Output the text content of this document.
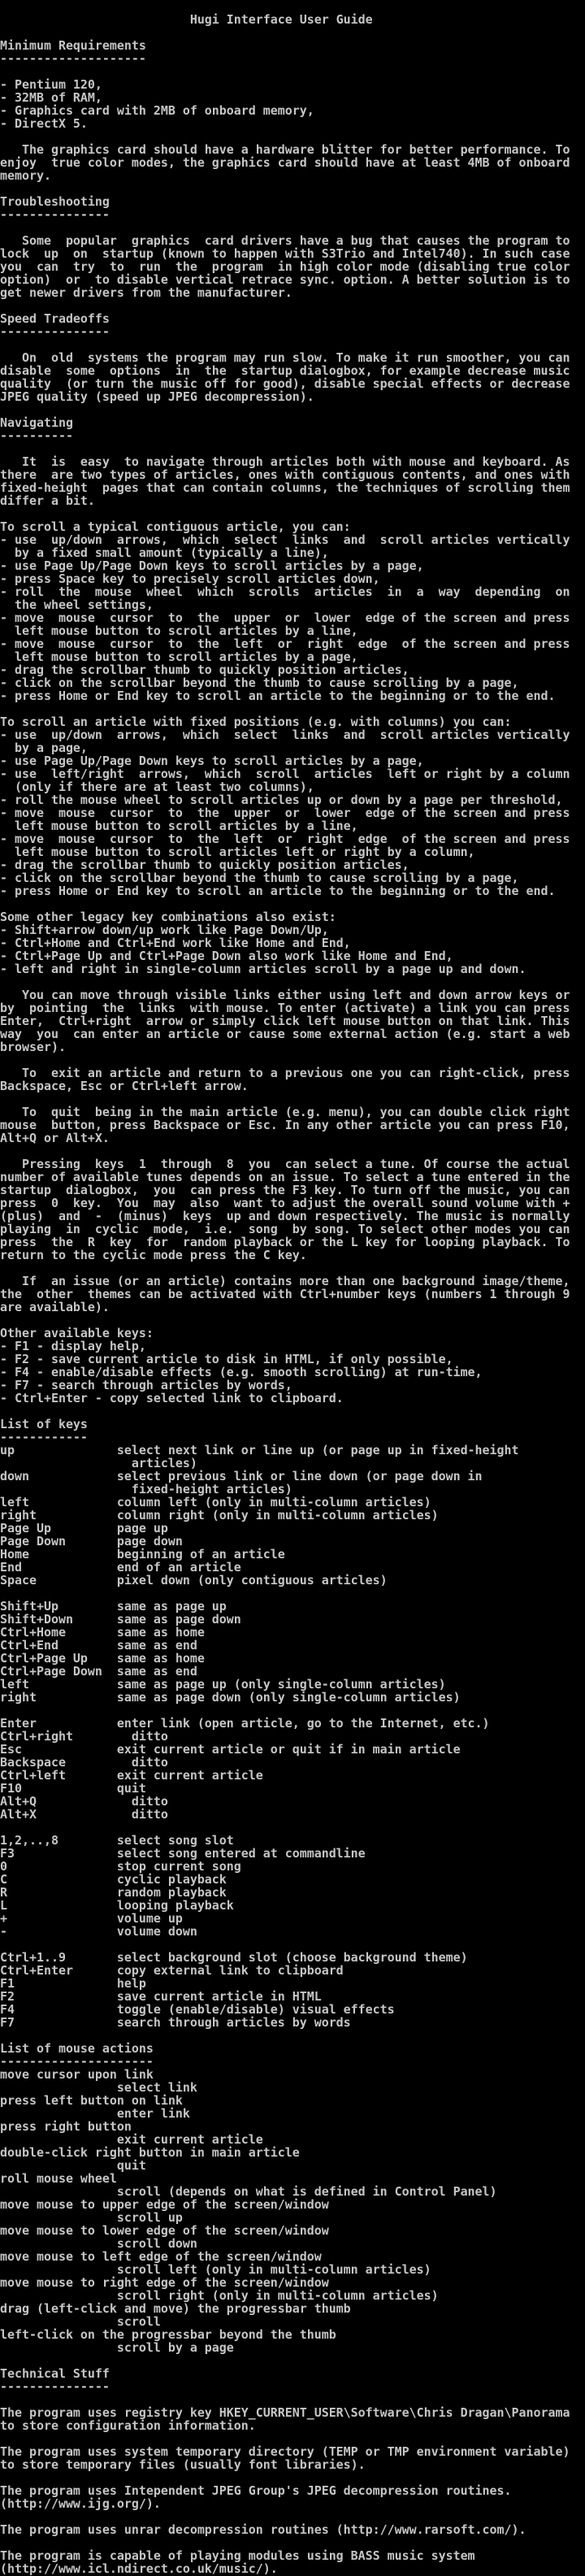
Hugi Interface User Guide

Minimum Requirements
--------------------

- Pentium 120,
- 32MB of RAM,
- Graphics card with 2MB of onboard memory,
- DirectX 5.

The graphics card should have a hardware blitter for better performance. To
enjoy  true color modes, the graphics card should have at least 4MB of onboard
memory.

Troubleshooting
---------------

Some  popular  graphics  card drivers have a bug that causes the program to
lock  up  on  startup (known to happen with S3Trio and Intel740). In such case
you  can  try  to  run  the  program  in high color mode (disabling true color
option)  or  to disable vertical retrace sync. option. A better solution is to
get newer drivers from the manufacturer.

Speed Tradeoffs
---------------

On  old  systems the program may run slow. To make it run smoother, you can
disable  some  options  in  the  startup dialogbox, for example decrease music
quality  (or turn the music off for good), disable special effects or decrease
JPEG quality (speed up JPEG decompression).

Navigating
----------

It  is  easy  to navigate through articles both with mouse and keyboard. As
there  are two types of articles, ones with contiguous contents, and ones with
fixed-height  pages that can contain columns, the techniques of scrolling them
differ a bit.

To scroll a typical contiguous article, you can:
- use  up/down  arrows,  which  select  links  and  scroll articles vertically
by a fixed small amount (typically a line),
- use Page Up/Page Down keys to scroll articles by a page,
- press Space key to precisely scroll articles down,
- roll  the  mouse  wheel  which  scrolls  articles  in  a  way  depending  on
the wheel settings,
- move  mouse  cursor  to  the  upper  or  lower  edge of the screen and press
left mouse button to scroll articles by a line,
- move  mouse  cursor  to  the  left  or  right  edge  of the screen and press
left mouse button to scroll articles by a page,
- drag the scrollbar thumb to quickly position articles,
- click on the scrollbar beyond the thumb to cause scrolling by a page,
- press Home or End key to scroll an article to the beginning or to the end.

To scroll an article with fixed positions (e.g. with columns) you can:
- use  up/down  arrows,  which  select  links  and  scroll articles vertically
by a page,
- use Page Up/Page Down keys to scroll articles by a page,
- use  left/right  arrows,  which  scroll  articles  left or right by a column
(only if there are at least two columns),
- roll the mouse wheel to scroll articles up or down by a page per threshold,
- move  mouse  cursor  to  the  upper  or  lower  edge of the screen and press
left mouse button to scroll articles by a line,
- move  mouse  cursor  to  the  left  or  right  edge  of the screen and press
left mouse button to scroll articles left or right by a column,
- drag the scrollbar thumb to quickly position articles,
- click on the scrollbar beyond the thumb to cause scrolling by a page,
- press Home or End key to scroll an article to the beginning or to the end.

Some other legacy key combinations also exist:
- Shift+arrow down/up work like Page Down/Up,
- Ctrl+Home and Ctrl+End work like Home and End,
- Ctrl+Page Up and Ctrl+Page Down also work like Home and End,
- left and right in single-column articles scroll by a page up and down.

You can move through visible links either using left and down arrow keys or
by  pointing  the  links  with mouse. To enter (activate) a link you can press
Enter,  Ctrl+right  arrow or simply click left mouse button on that link. This
way  you  can enter an article or cause some external action (e.g. start a web
browser).

To  exit an article and return to a previous one you can right-click, press
Backspace, Esc or Ctrl+left arrow.

To  quit  being in the main article (e.g. menu), you can double click right
mouse  button, press Backspace or Esc. In any other article you can press F10,
Alt+Q or Alt+X.

Pressing  keys  1  through  8  you  can select a tune. Of course the actual
number of available tunes depends on an issue. To select a tune entered in the
startup  dialogbox,  you  can press the F3 key. To turn off the music, you can
press  0  key.  You  may  also  want to adjust the overall sound volume with +
(plus)  and  -  (minus)  keys  up and down respectively. The music is normally
playing  in  cyclic  mode,  i.e.  song  by song. To select other modes you can
press  the  R  key  for  random playback or the L key for looping playback. To
return to the cyclic mode press the C key.

If  an issue (or an article) contains more than one background image/theme,
the  other  themes can be activated with Ctrl+number keys (numbers 1 through 9
are available).

Other available keys:
- F1 - display help,
- F2 - save current article to disk in HTML, if only possible,
- F4 - enable/disable effects (e.g. smooth scrolling) at run-time,
- F7 - search through articles by words,
- Ctrl+Enter - copy selected link to clipboard.

List of keys
------------
up              select next link or line up (or page up in fixed-height
articles)
down            select previous link or line down (or page down in
fixed-height articles)
left            column left (only in multi-column articles)
right           column right (only in multi-column articles)
Page Up         page up
Page Down       page down
Home            beginning of an article
End             end of an article
Space           pixel down (only contiguous articles)

Shift+Up        same as page up
Shift+Down      same as page down
Ctrl+Home       same as home
Ctrl+End        same as end
Ctrl+Page Up    same as home
Ctrl+Page Down  same as end
left            same as page up (only single-column articles)
right           same as page down (only single-column articles)

Enter           enter link (open article, go to the Internet, etc.)
Ctrl+right        ditto
Esc             exit current article or quit if in main article
Backspace         ditto
Ctrl+left       exit current article
F10             quit
Alt+Q             ditto
Alt+X             ditto

1,2,..,8        select song slot
F3              select song entered at commandline
0               stop current song
C               cyclic playback
R               random playback
L               looping playback
+               volume up
-               volume down

Ctrl+1..9       select background slot (choose background theme)
Ctrl+Enter      copy external link to clipboard
F1              help
F2              save current article in HTML
F4              toggle (enable/disable) visual effects
F7              search through articles by words

List of mouse actions
---------------------
move cursor upon link
select link
press left button on link
enter link
press right button
exit current article
double-click right button in main article
quit
roll mouse wheel
scroll (depends on what is defined in Control Panel)
move mouse to upper edge of the screen/window
scroll up
move mouse to lower edge of the screen/window
scroll down
move mouse to left edge of the screen/window
scroll left (only in multi-column articles)
move mouse to right edge of the screen/window
scroll right (only in multi-column articles)
drag (left-click and move) the progressbar thumb
scroll
left-click on the progressbar beyond the thumb
scroll by a page

Technical Stuff
---------------

The program uses registry key HKEY_CURRENT_USER\Software\Chris Dragan\Panorama
to store configuration information.

The program uses system temporary directory (TEMP or TMP environment variable)
to store temporary files (usually font libraries).

The program uses Intependent JPEG Group's JPEG decompression routines.
(http://www.ijg.org/).

The program uses unrar decompression routines (http://www.rarsoft.com/).

The program is capable of playing modules using BASS music system
(http://www.icl.ndirect.co.uk/music/).
